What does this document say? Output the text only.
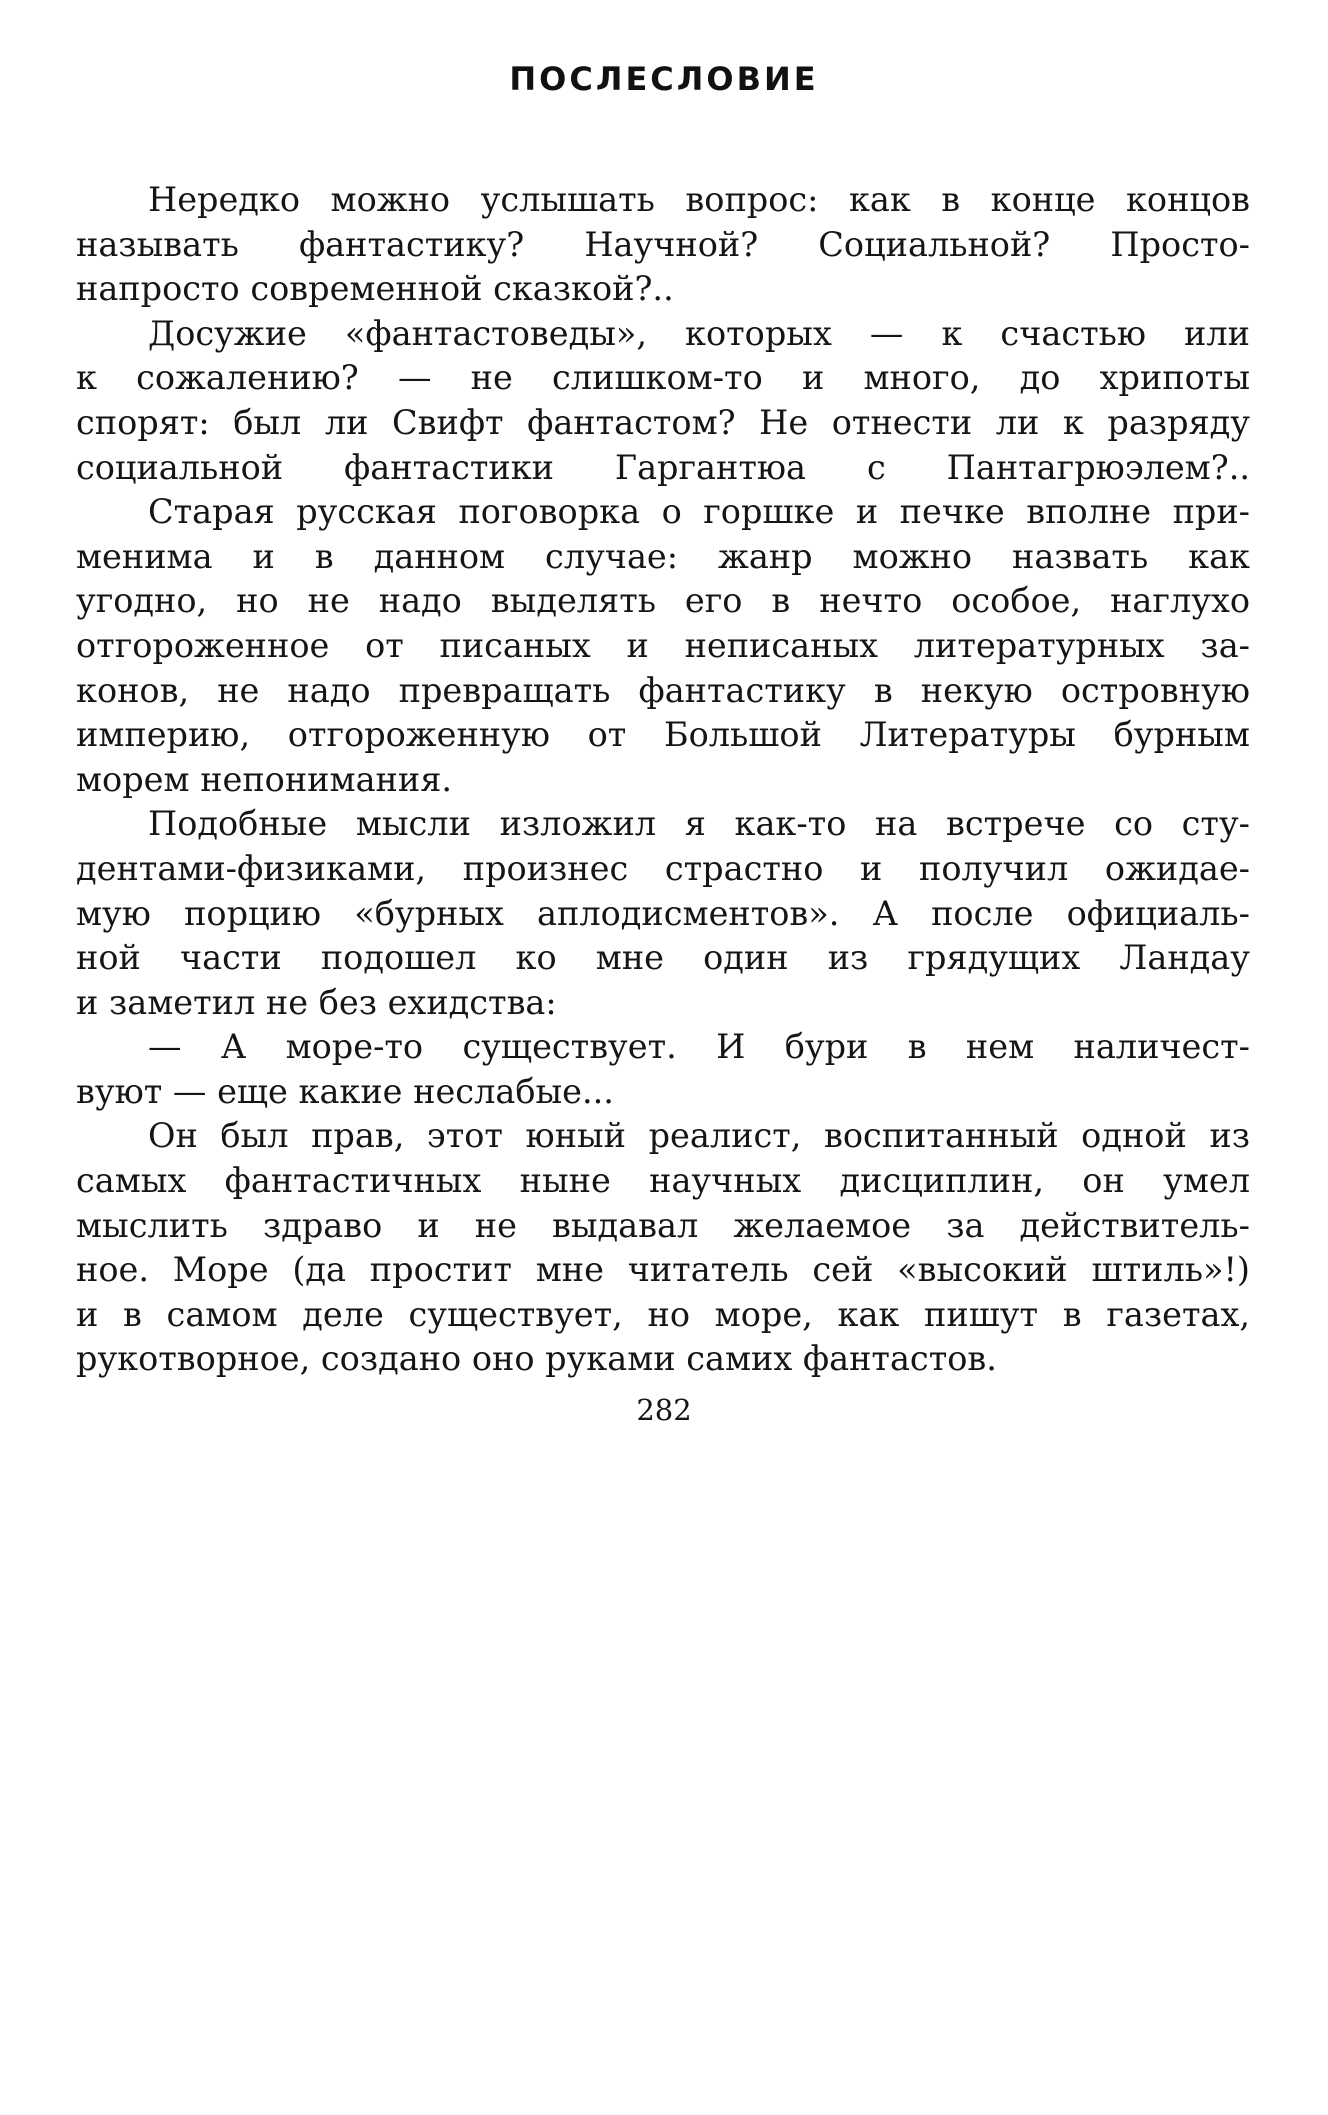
ПОСЛЕСЛОВИЕ
Нередко можно услышать вопрос: как в конце концов
называть фантастику? Научной? Социальной? Просто-
напросто современной сказкой?..
Досужие «фантастоведы», которых — к счастью или
к сожалению? — не слишком-то и много, до хрипоты
спорят: был ли Свифт фантастом? Не отнести ли к разряду
социальной фантастики Гаргантюа с Пантагрюэлем?..
Старая русская поговорка о горшке и печке вполне при-
менима и в данном случае: жанр можно назвать как
угодно, но не надо выделять его в нечто особое, наглухо
отгороженное от писаных и неписаных литературных за-
конов, не надо превращать фантастику в некую островную
империю, отгороженную от Большой Литературы бурным
морем непонимания.
Подобные мысли изложил я как-то на встрече со сту-
дентами-физиками, произнес страстно и получил ожидае-
мую порцию «бурных аплодисментов». А после официаль-
ной части подошел ко мне один из грядущих Ландау
и заметил не без ехидства:
— А море-то существует. И бури в нем наличест-
вуют — еще какие неслабые...
Он был прав, этот юный реалист, воспитанный одной из
самых фантастичных ныне научных дисциплин, он умел
мыслить здраво и не выдавал желаемое за действитель-
ное. Море (да простит мне читатель сей «высокий штиль»!)
и в самом деле существует, но море, как пишут в газетах,
рукотворное, создано оно руками самих фантастов.
282
